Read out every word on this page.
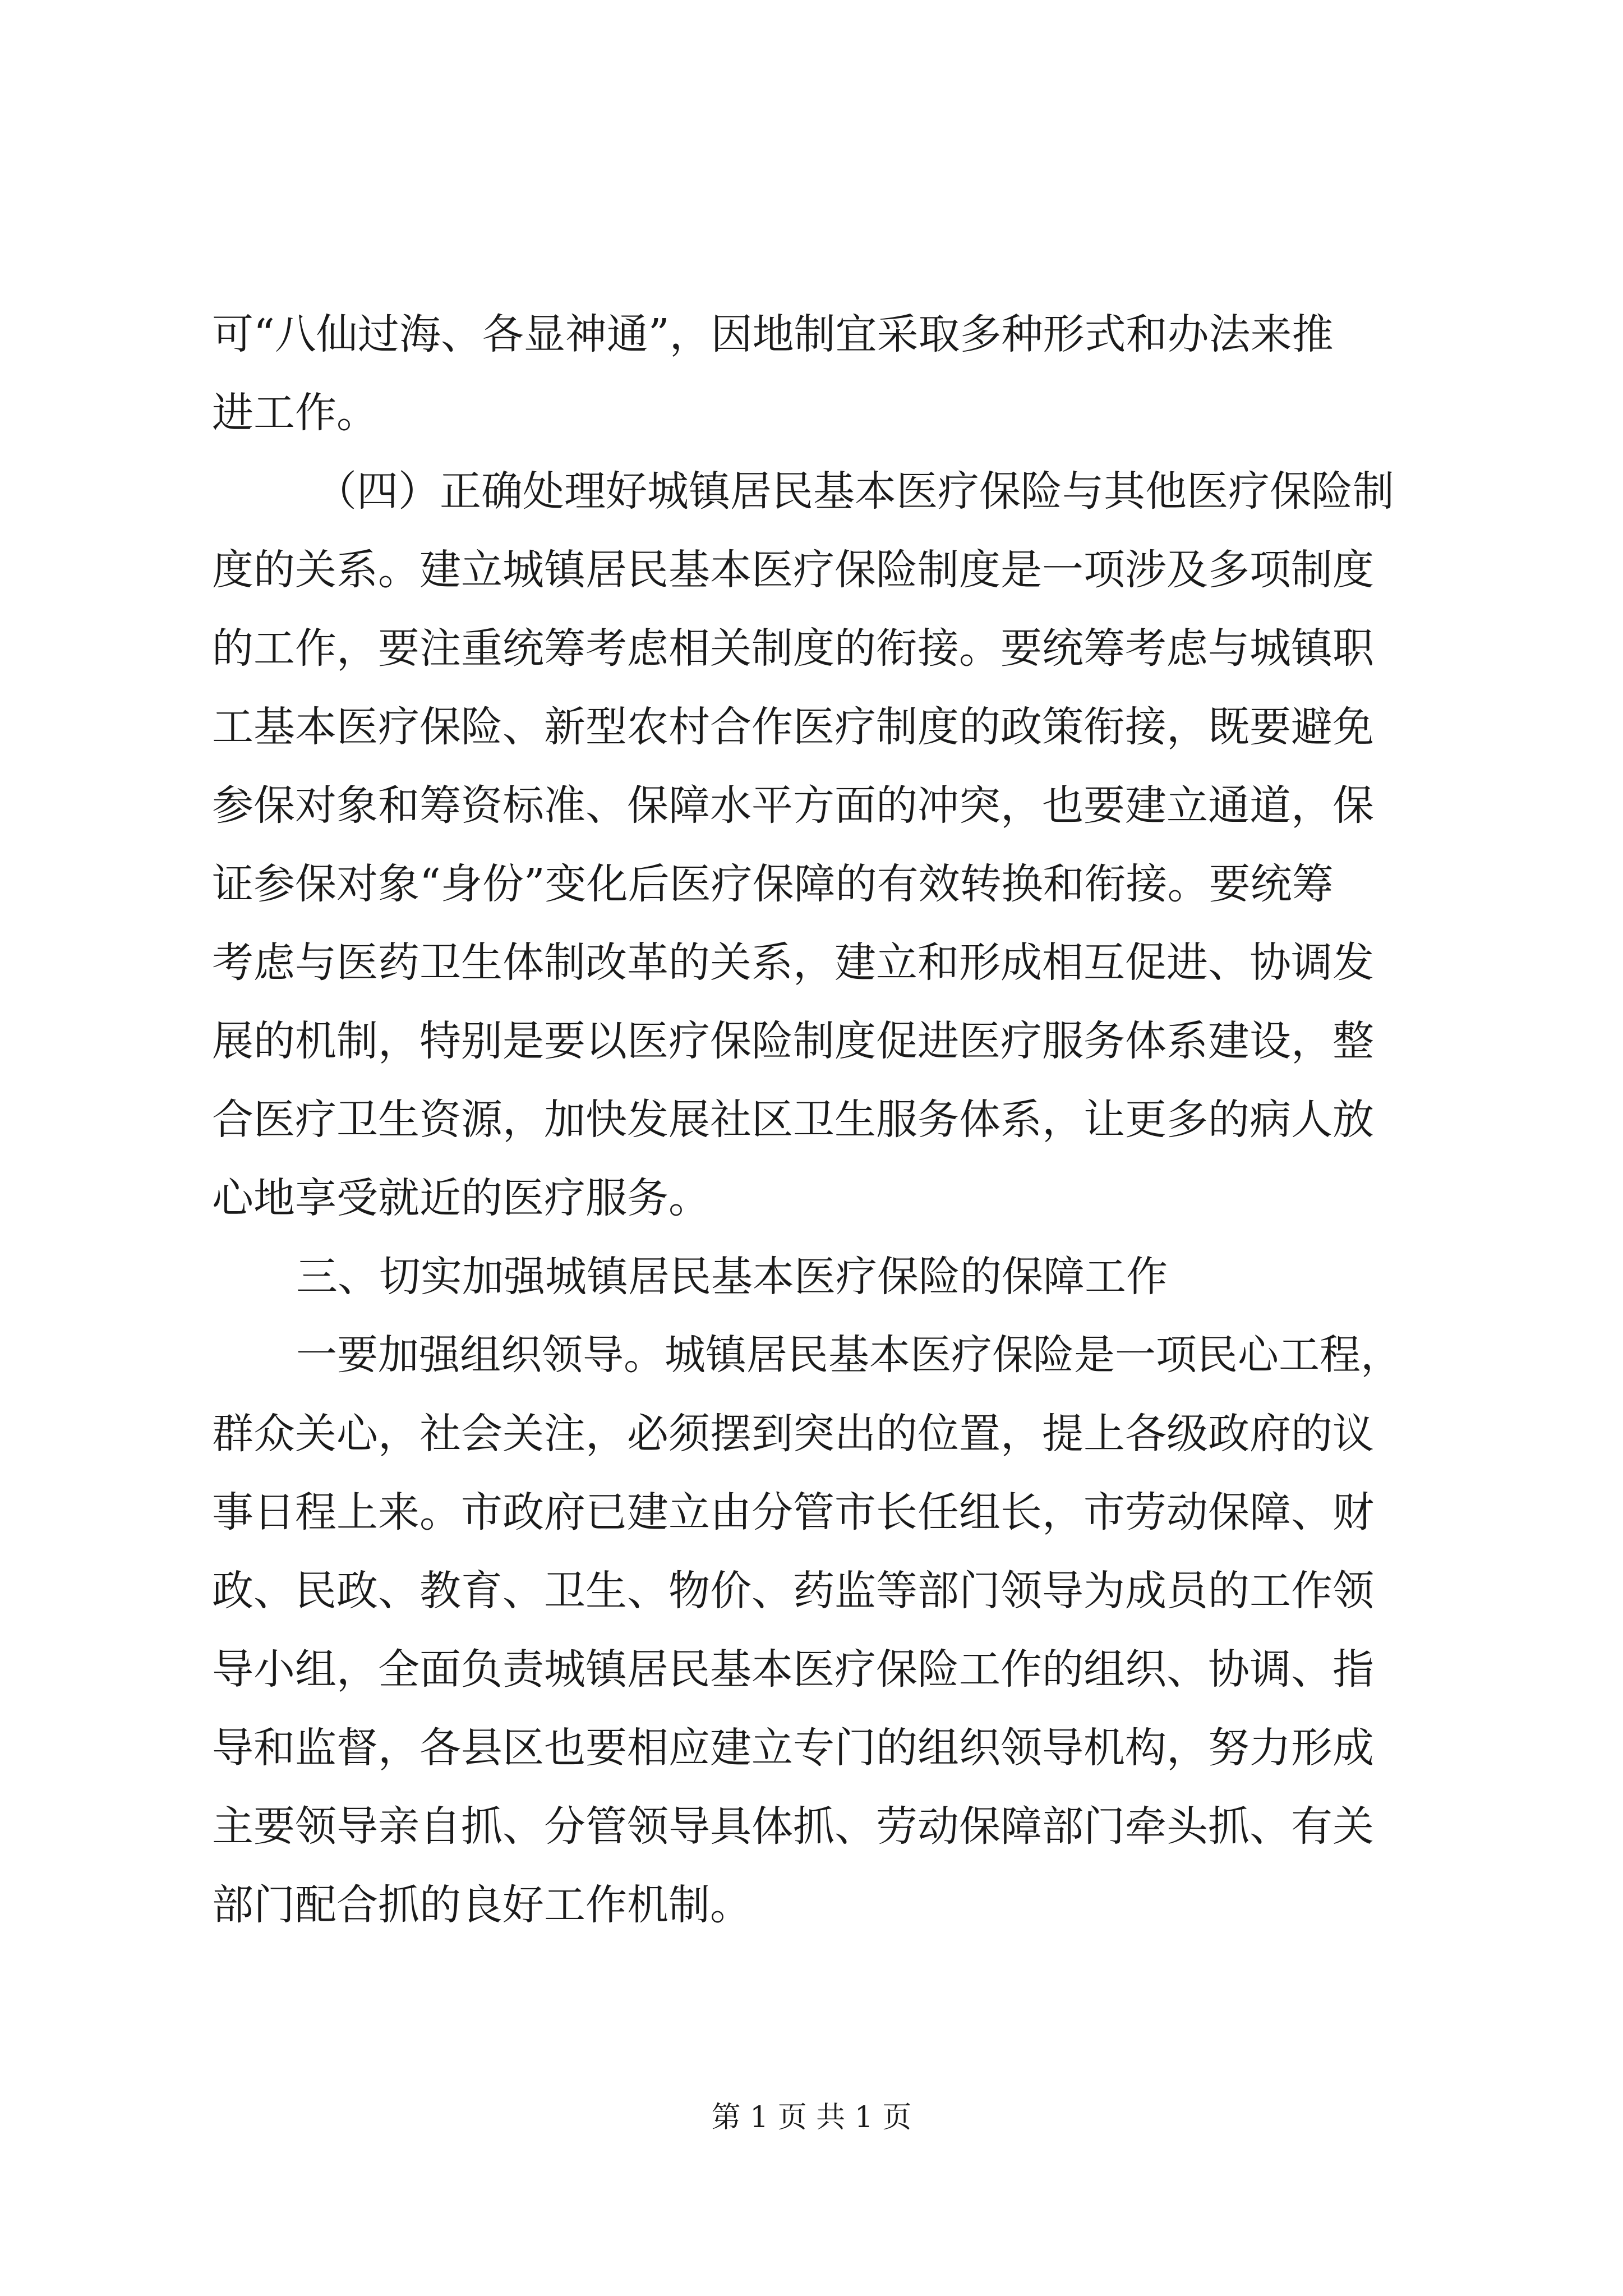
可“八仙过海、各显神通”，因地制宜采取多种形式和办法来推
进工作。
（四）正确处理好城镇居民基本医疗保险与其他医疗保险制
度的关系。建立城镇居民基本医疗保险制度是一项涉及多项制度
的工作，要注重统筹考虑相关制度的衔接。要统筹考虑与城镇职
工基本医疗保险、新型农村合作医疗制度的政策衔接，既要避免
参保对象和筹资标准、保障水平方面的冲突，也要建立通道，保
证参保对象“身份”变化后医疗保障的有效转换和衔接。要统筹
考虑与医药卫生体制改革的关系，建立和形成相互促进、协调发
展的机制，特别是要以医疗保险制度促进医疗服务体系建设，整
合医疗卫生资源，加快发展社区卫生服务体系，让更多的病人放
心地享受就近的医疗服务。
三、切实加强城镇居民基本医疗保险的保障工作
一要加强组织领导。城镇居民基本医疗保险是一项民心工程，
群众关心，社会关注，必须摆到突出的位置，提上各级政府的议
事日程上来。市政府已建立由分管市长任组长，市劳动保障、财
政、民政、教育、卫生、物价、药监等部门领导为成员的工作领
导小组，全面负责城镇居民基本医疗保险工作的组织、协调、指
导和监督，各县区也要相应建立专门的组织领导机构，努力形成
主要领导亲自抓、分管领导具体抓、劳动保障部门牵头抓、有关
部门配合抓的良好工作机制。
第 1 页 共 1 页
